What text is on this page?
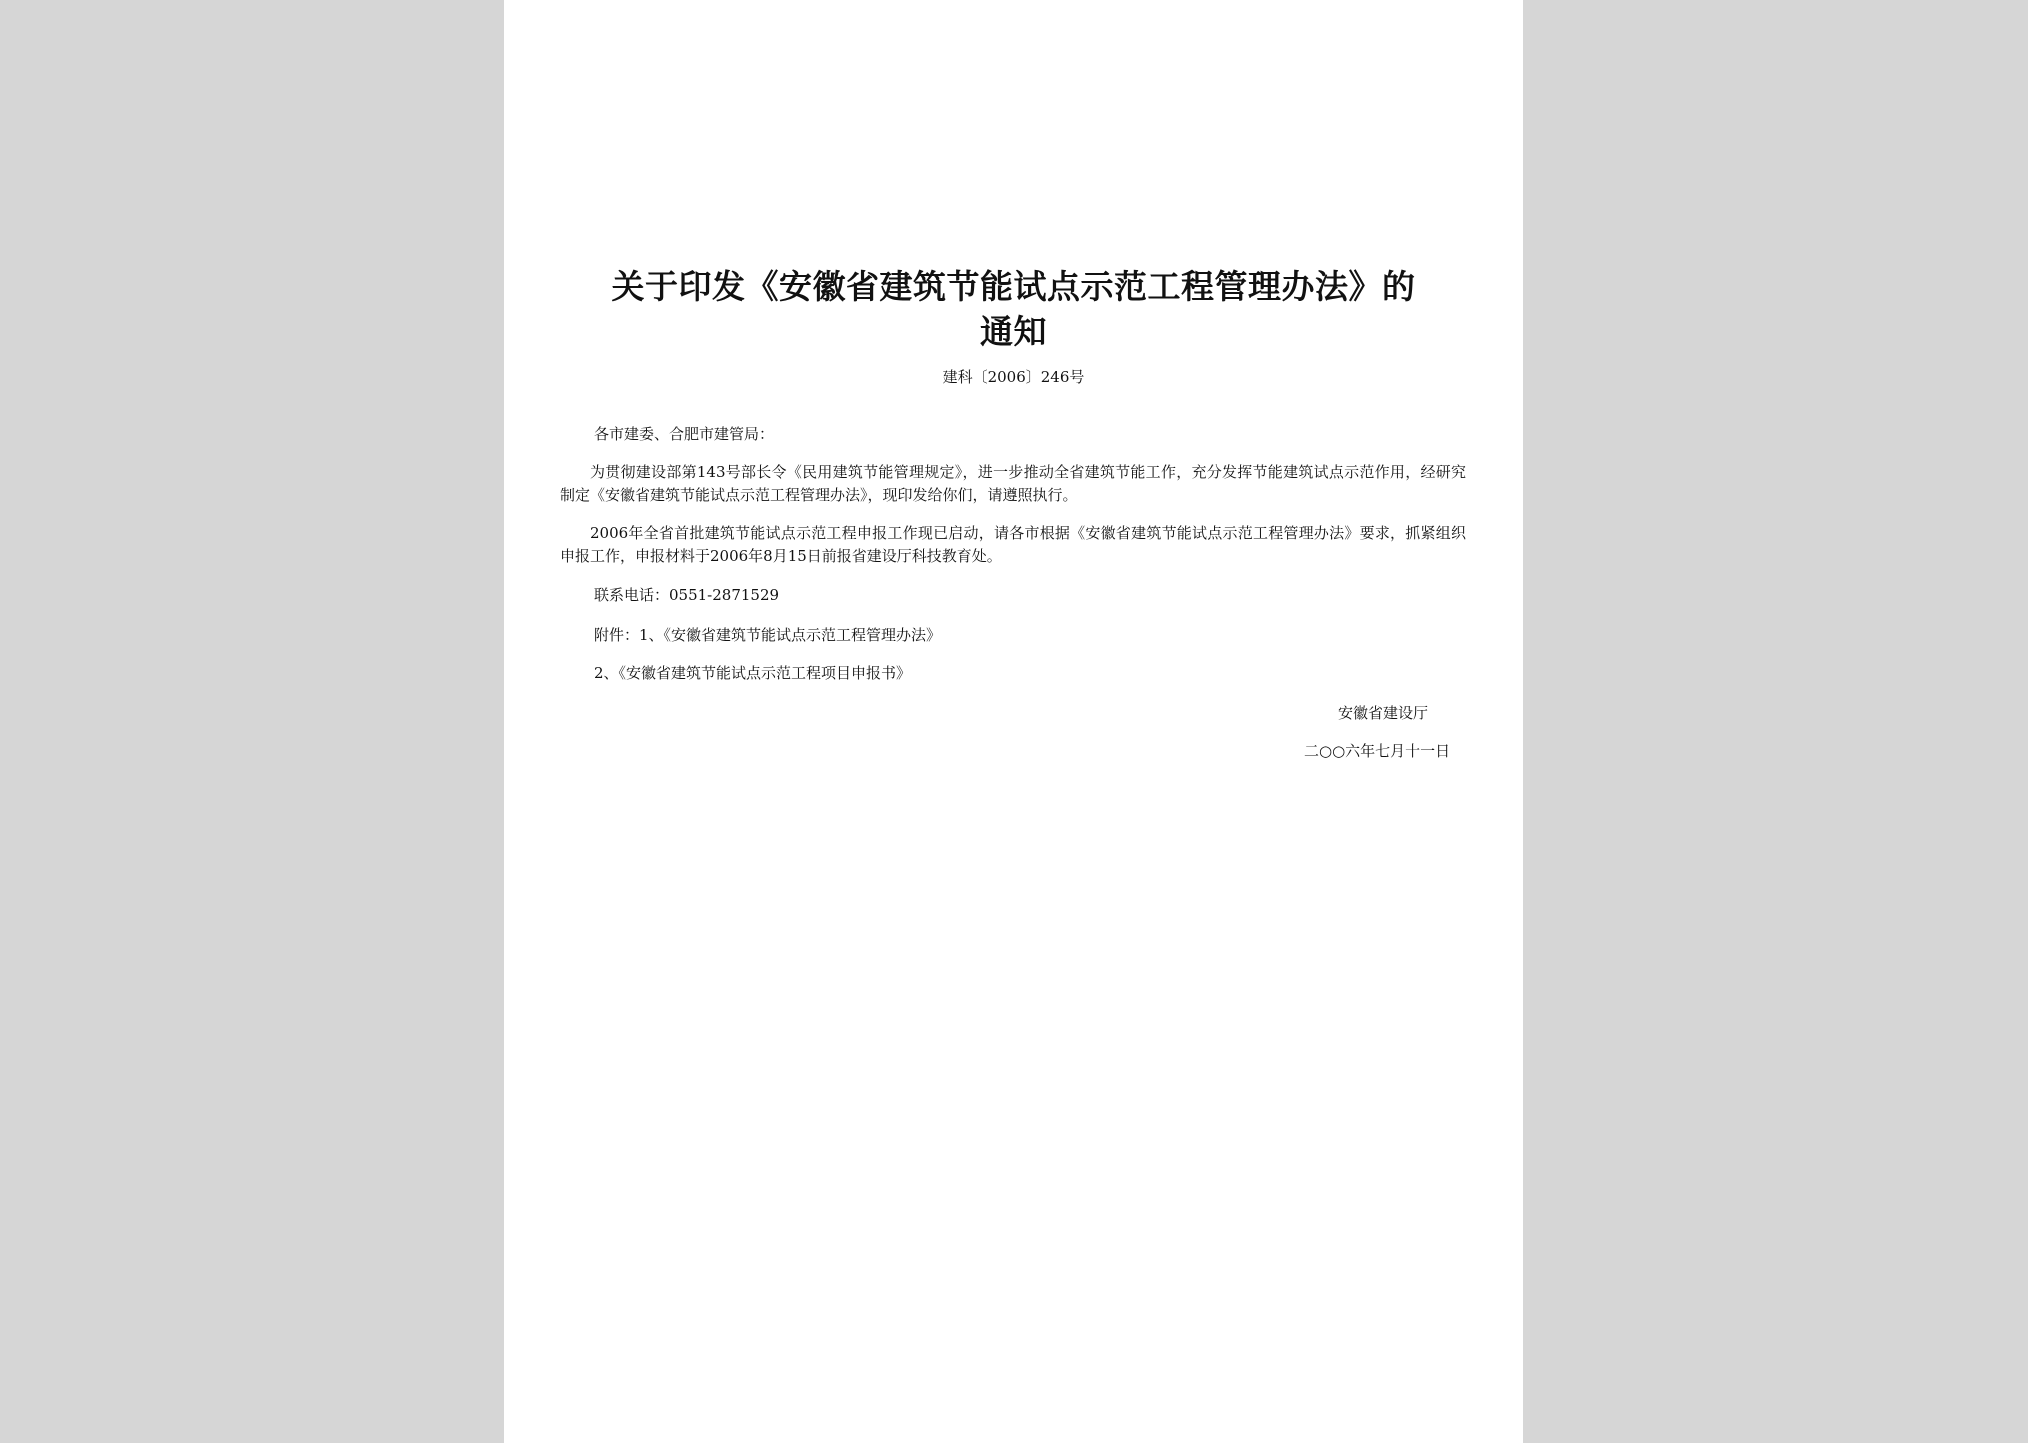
关于印发《安徽省建筑节能试点示范工程管理办法》的
通知
建科〔2006〕246号
各市建委、合肥市建管局：
为贯彻建设部第143号部长令《民用建筑节能管理规定》，进一步推动全省建筑节能工作，充分发挥节能建筑试点示范作用，经研究制定《安徽省建筑节能试点示范工程管理办法》，现印发给你们，请遵照执行。
2006年全省首批建筑节能试点示范工程申报工作现已启动，请各市根据《安徽省建筑节能试点示范工程管理办法》要求，抓紧组织申报工作，申报材料于2006年8月15日前报省建设厅科技教育处。
联系电话：0551-2871529
附件：1、《安徽省建筑节能试点示范工程管理办法》
2、《安徽省建筑节能试点示范工程项目申报书》
安徽省建设厅
二○○六年七月十一日
